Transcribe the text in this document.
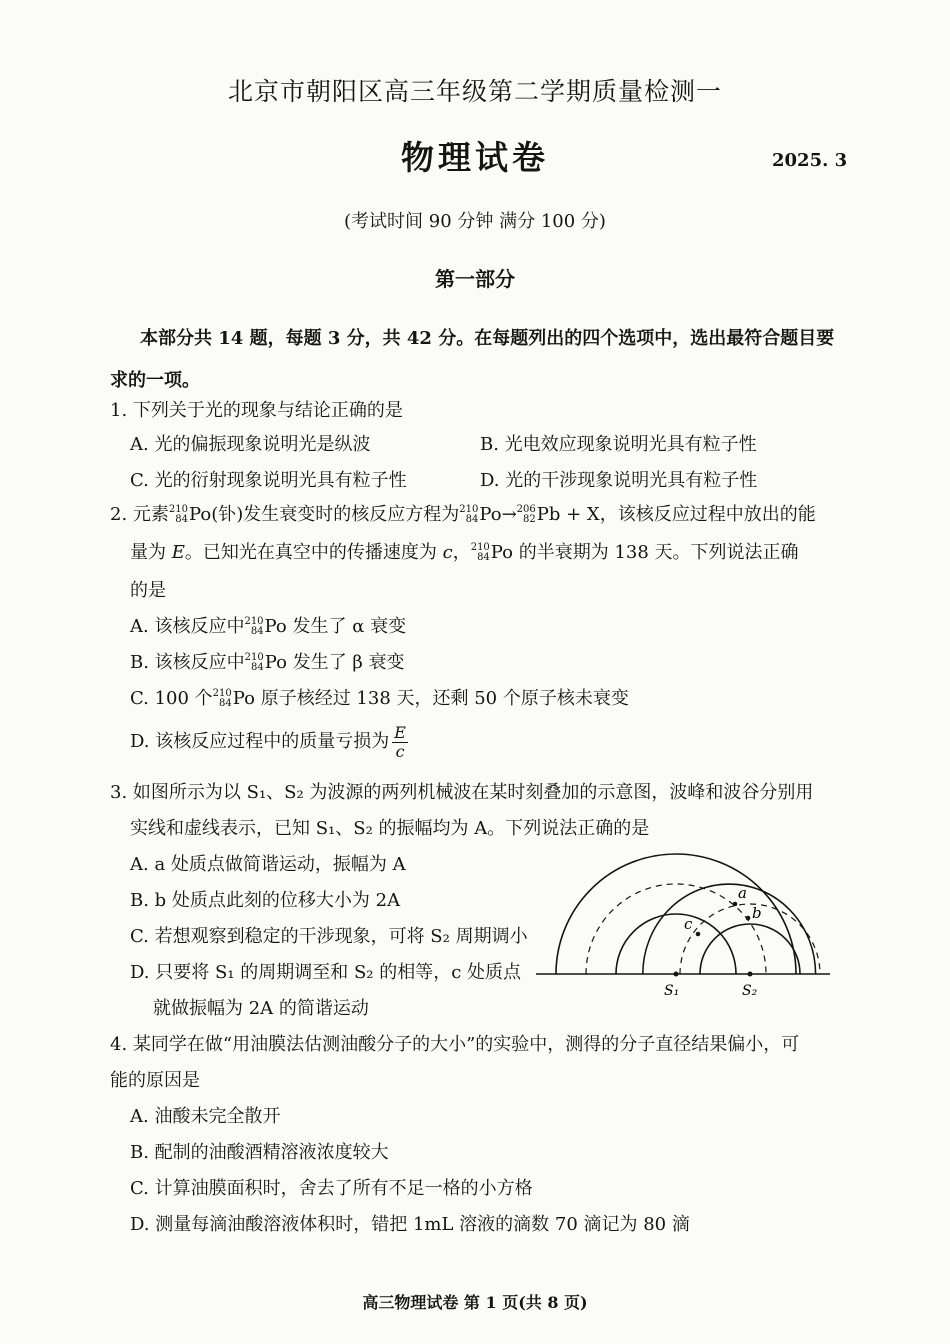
北京市朝阳区高三年级第二学期质量检测一
物理试卷	2025. 3
(考试时间 90 分钟 满分 100 分)
第一部分
本部分共 14 题，每题 3 分，共 42 分。在每题列出的四个选项中，选出最符合题目要求的一项。
1. 下列关于光的现象与结论正确的是
A. 光的偏振现象说明光是纵波	B. 光电效应现象说明光具有粒子性
C. 光的衍射现象说明光具有粒子性	D. 光的干涉现象说明光具有粒子性
2. 元素 210
84 Po(钋)发生衰变时的核反应方程为 210
84 Po→ 206
82 Pb + X，该核反应过程中放出的能
量为 E。已知光在真空中的传播速度为 c， 210
84 Po 的半衰期为 138 天。下列说法正确
的是
A. 该核反应中 210
84 Po 发生了 α 衰变
B. 该核反应中 210
84 Po 发生了 β 衰变
C. 100 个 210
84 Po 原子核经过 138 天，还剩 50 个原子核未衰变
D. 该核反应过程中的质量亏损为 $\frac{E}{c}$
3. 如图所示为以 S₁、S₂ 为波源的两列机械波在某时刻叠加的示意图，波峰和波谷分别用
实线和虚线表示，已知 S₁、S₂ 的振幅均为 A。下列说法正确的是
A. a 处质点做简谐运动，振幅为 A
B. b 处质点此刻的位移大小为 2A
C. 若想观察到稳定的干涉现象，可将 S₂ 周期调小
D. 只要将 S₁ 的周期调至和 S₂ 的相等，c 处质点
就做振幅为 2A 的简谐运动
a
b
c
S₁	S₂
4. 某同学在做“用油膜法估测油酸分子的大小”的实验中，测得的分子直径结果偏小，可
能的原因是
A. 油酸未完全散开
B. 配制的油酸酒精溶液浓度较大
C. 计算油膜面积时，舍去了所有不足一格的小方格
D. 测量每滴油酸溶液体积时，错把 1mL 溶液的滴数 70 滴记为 80 滴
高三物理试卷 第 1 页(共 8 页)
